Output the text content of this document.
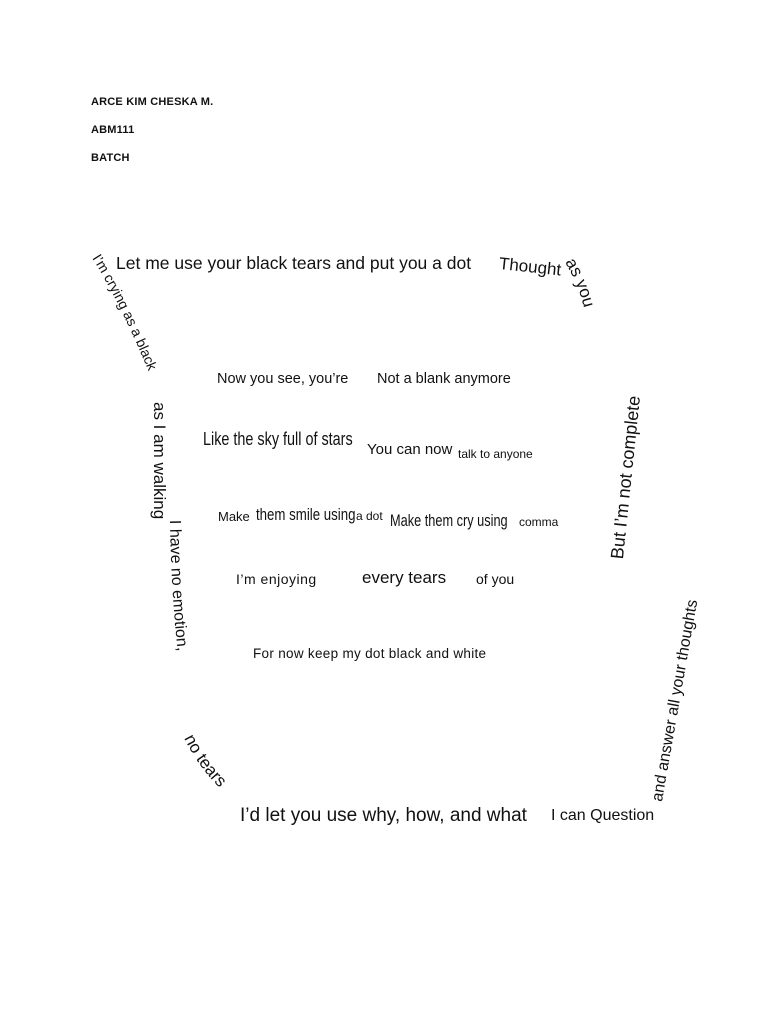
ARCE KIM CHESKA M.
ABM111
BATCH
Let me use your black tears and put you a dot Thought
I’m crying as a black
I have no emotion,
no tears
as you
as I am walking	But I’m not complete
and answer all your thoughts
I’d let you use why, how, and what I can Question
Now you see, you’re Not a blank anymore
Like the sky full of stars
You can now talk to anyone
Make them smile using a dot Make them cry using comma
I’m enjoying	every tears of you
For now keep my dot black and white
